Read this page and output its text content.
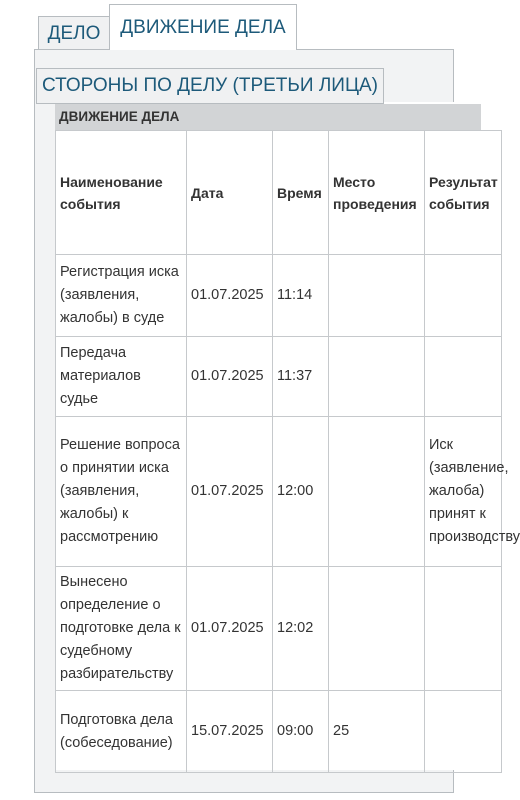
ДЕЛО	ДВИЖЕНИЕ ДЕЛА
СТОРОНЫ ПО ДЕЛУ (ТРЕТЬИ ЛИЦА)
ДВИЖЕНИЕ ДЕЛА
Наименование события	Дата	Время	Место проведения	Результат события
Регистрация иска (заявления, жалобы) в суде	01.07.2025	11:14		
Передача материалов судье	01.07.2025	11:37		
Решение вопроса о принятии иска (заявления, жалобы) к рассмотрению	01.07.2025	12:00		Иск (заявление, жалоба) принят к производству
Вынесено определение о подготовке дела к судебному разбирательству	01.07.2025	12:02		
Подготовка дела (собеседование)	15.07.2025	09:00	25	
